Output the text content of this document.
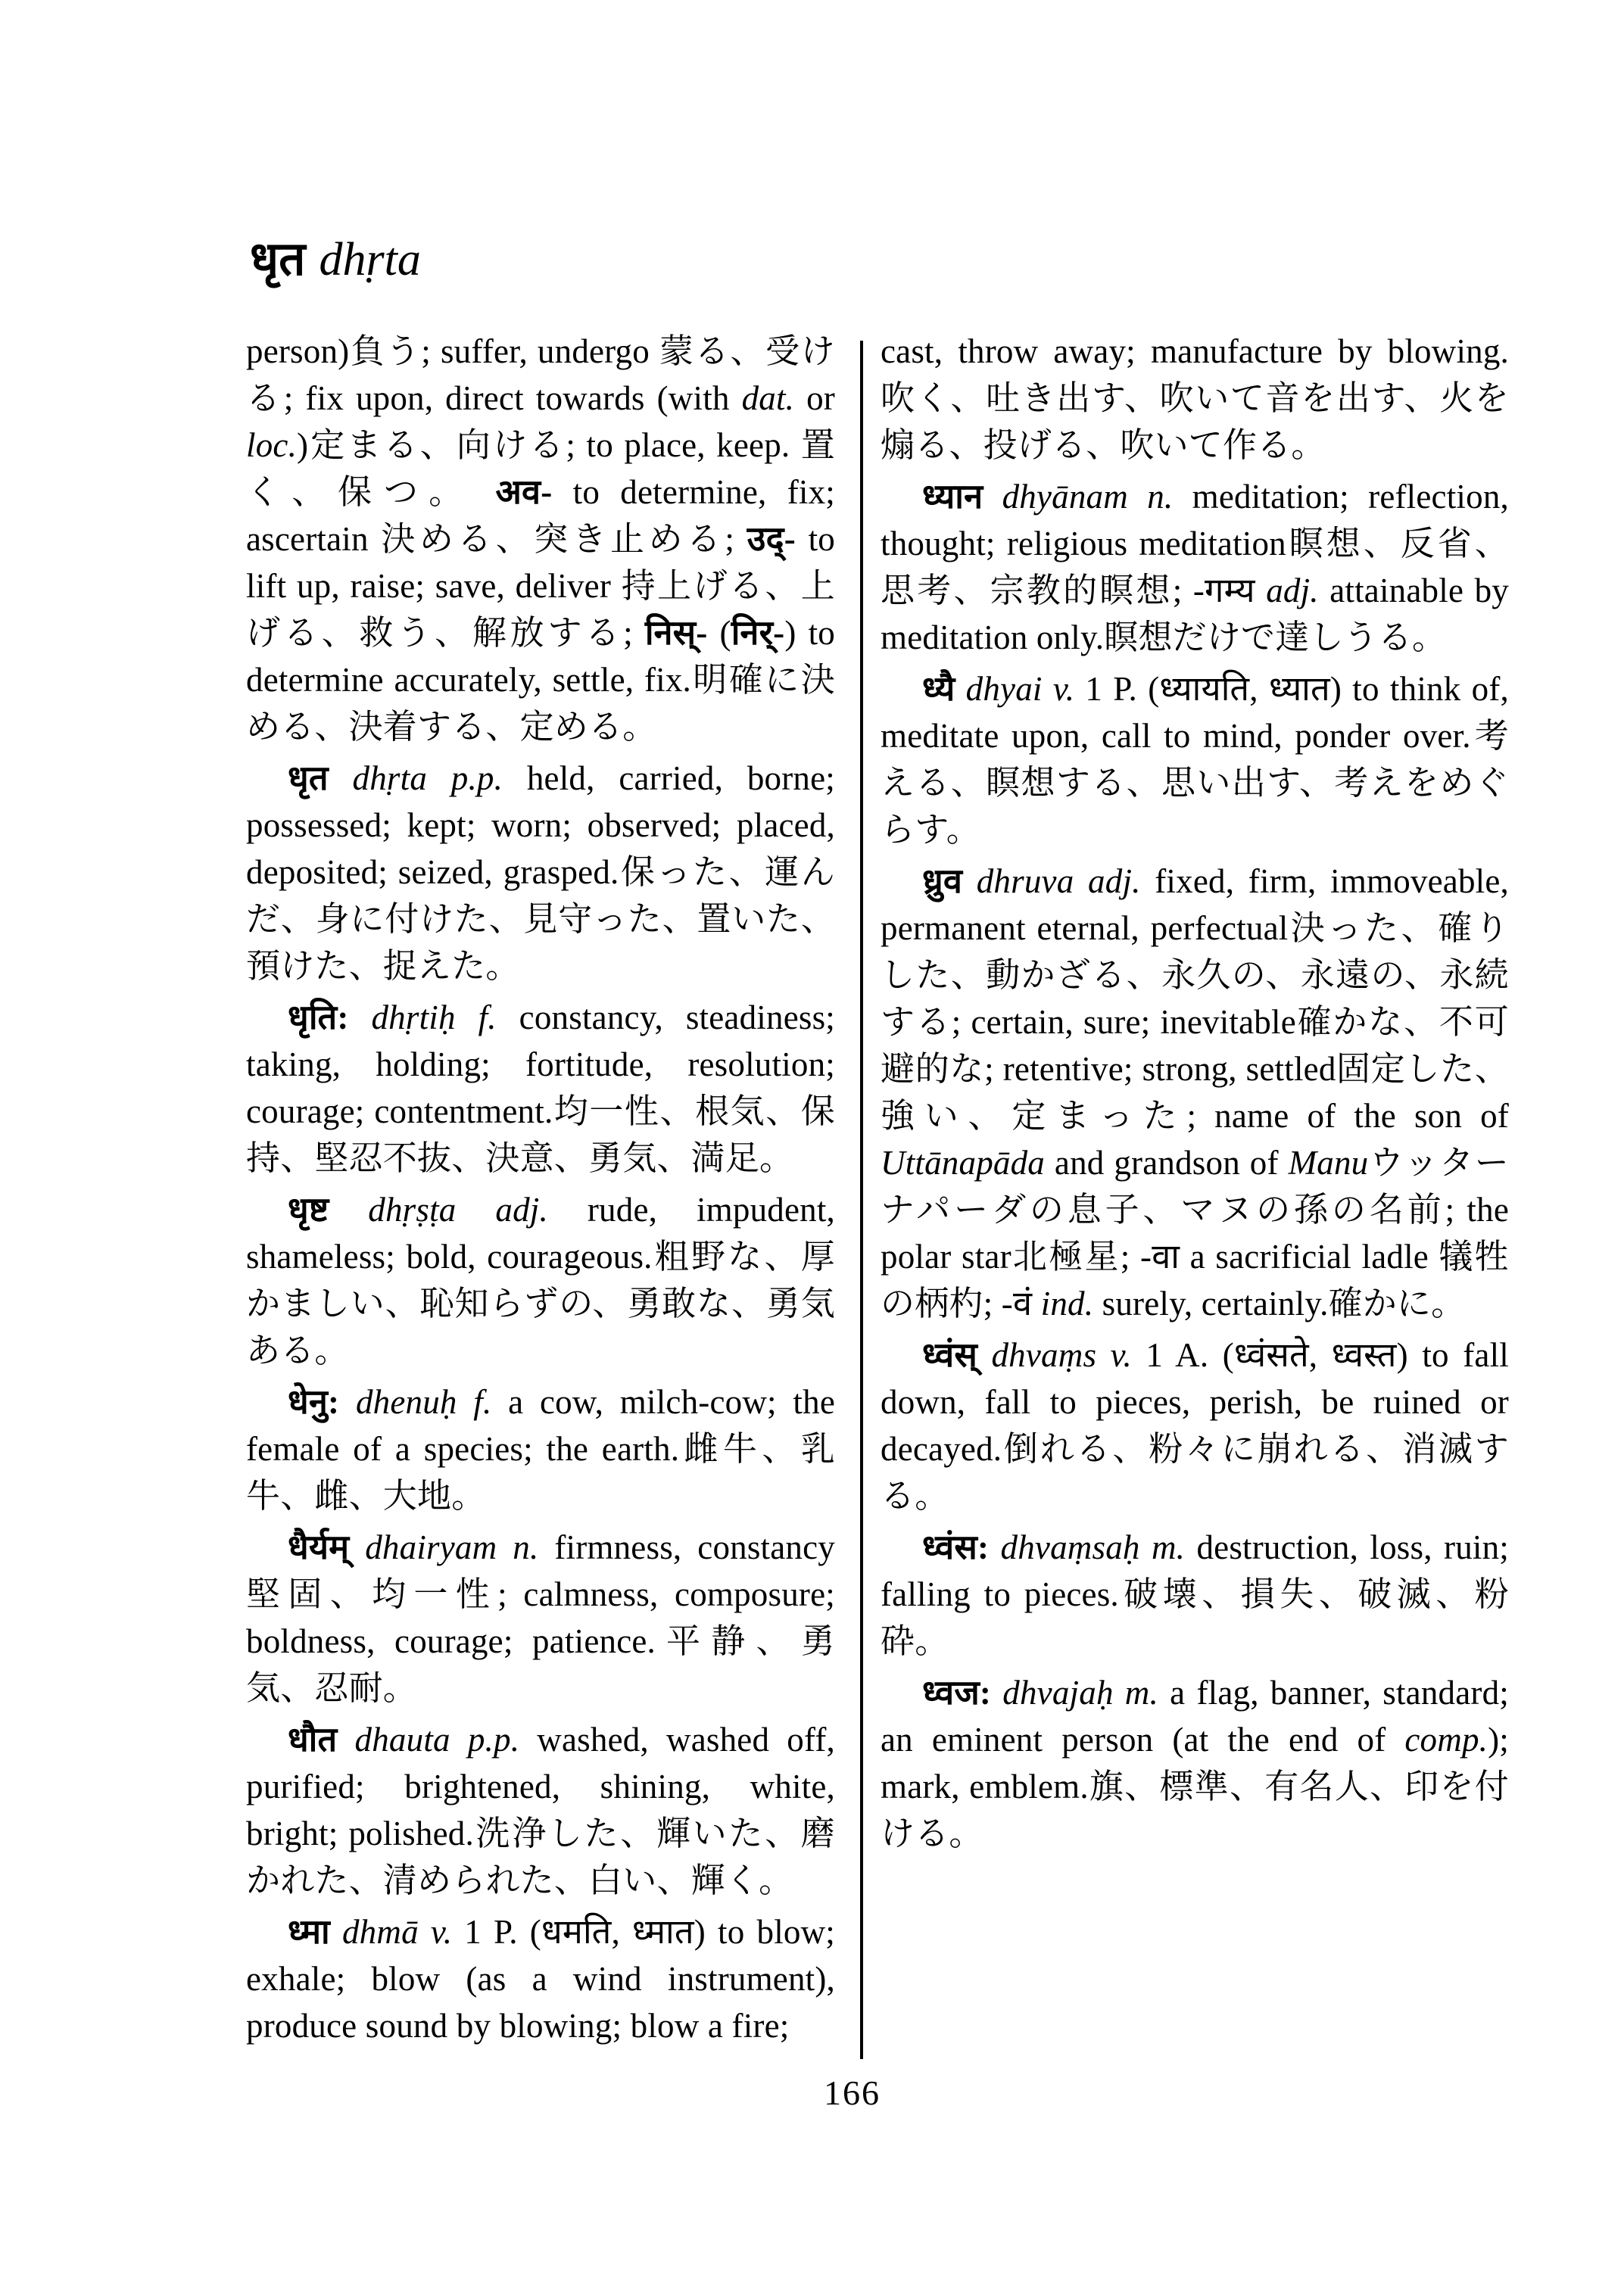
धृत dhṛta

person)負う; suffer, undergo 蒙る、受ける; fix upon, direct towards (with dat. or loc.)定まる、向ける; to place, keep. 置く、保つ。 अव- to determine, fix; ascertain 決める、突き止める; उद्- to lift up, raise; save, deliver 持上げる、上げる、救う、解放する; निस्- (निर्-) to determine accurately, settle, fix.明確に決める、決着する、定める。

धृत dhṛta p.p. held, carried, borne; possessed; kept; worn; observed; placed, deposited; seized, grasped.保った、運んだ、身に付けた、見守った、置いた、預けた、捉えた。

धृति: dhṛtiḥ f. constancy, steadiness; taking, holding; fortitude, resolution; courage; contentment.均一性、根気、保持、堅忍不抜、決意、勇気、満足。

धृष्ट dhṛṣṭa adj. rude, impudent, shameless; bold, courageous.粗野な、厚かましい、恥知らずの、勇敢な、勇気ある。

धेनु: dhenuḥ f. a cow, milch-cow; the female of a species; the earth.雌牛、乳牛、雌、大地。

धैर्यम् dhairyam n. firmness, constancy 堅固、均一性; calmness, composure; boldness, courage; patience.平静、勇気、忍耐。

धौत dhauta p.p. washed, washed off, purified; brightened, shining, white, bright; polished.洗浄した、輝いた、磨かれた、清められた、白い、輝く。

ध्मा dhmā v. 1 P. (धमति, ध्मात) to blow; exhale; blow (as a wind instrument), produce sound by blowing; blow a fire;

cast, throw away; manufacture by blowing.吹く、吐き出す、吹いて音を出す、火を煽る、投げる、吹いて作る。

ध्यान dhyānam n. meditation; reflection, thought; religious meditation瞑想、反省、思考、宗教的瞑想; -गम्य adj. attainable by meditation only.瞑想だけで達しうる。

ध्यै dhyai v. 1 P. (ध्यायति, ध्यात) to think of, meditate upon, call to mind, ponder over.考える、瞑想する、思い出す、考えをめぐらす。

ध्रुव dhruva adj. fixed, firm, immoveable, permanent eternal, perfectual決った、確りした、動かざる、永久の、永遠の、永続する; certain, sure; inevitable確かな、不可避的な; retentive; strong, settled固定した、強い、定まった; name of the son of Uttānapāda and grandson of Manuウッターナパーダの息子、マヌの孫の名前; the polar star北極星; -वा a sacrificial ladle 犠牲の柄杓; -वं ind. surely, certainly.確かに。

ध्वंस् dhvaṃs v. 1 A. (ध्वंसते, ध्वस्त) to fall down, fall to pieces, perish, be ruined or decayed.倒れる、粉々に崩れる、消滅する。

ध्वंस: dhvaṃsaḥ m. destruction, loss, ruin; falling to pieces.破壊、損失、破滅、粉砕。

ध्वज: dhvajaḥ m. a flag, banner, standard; an eminent person (at the end of comp.); mark, emblem.旗、標準、有名人、印を付ける。

166
